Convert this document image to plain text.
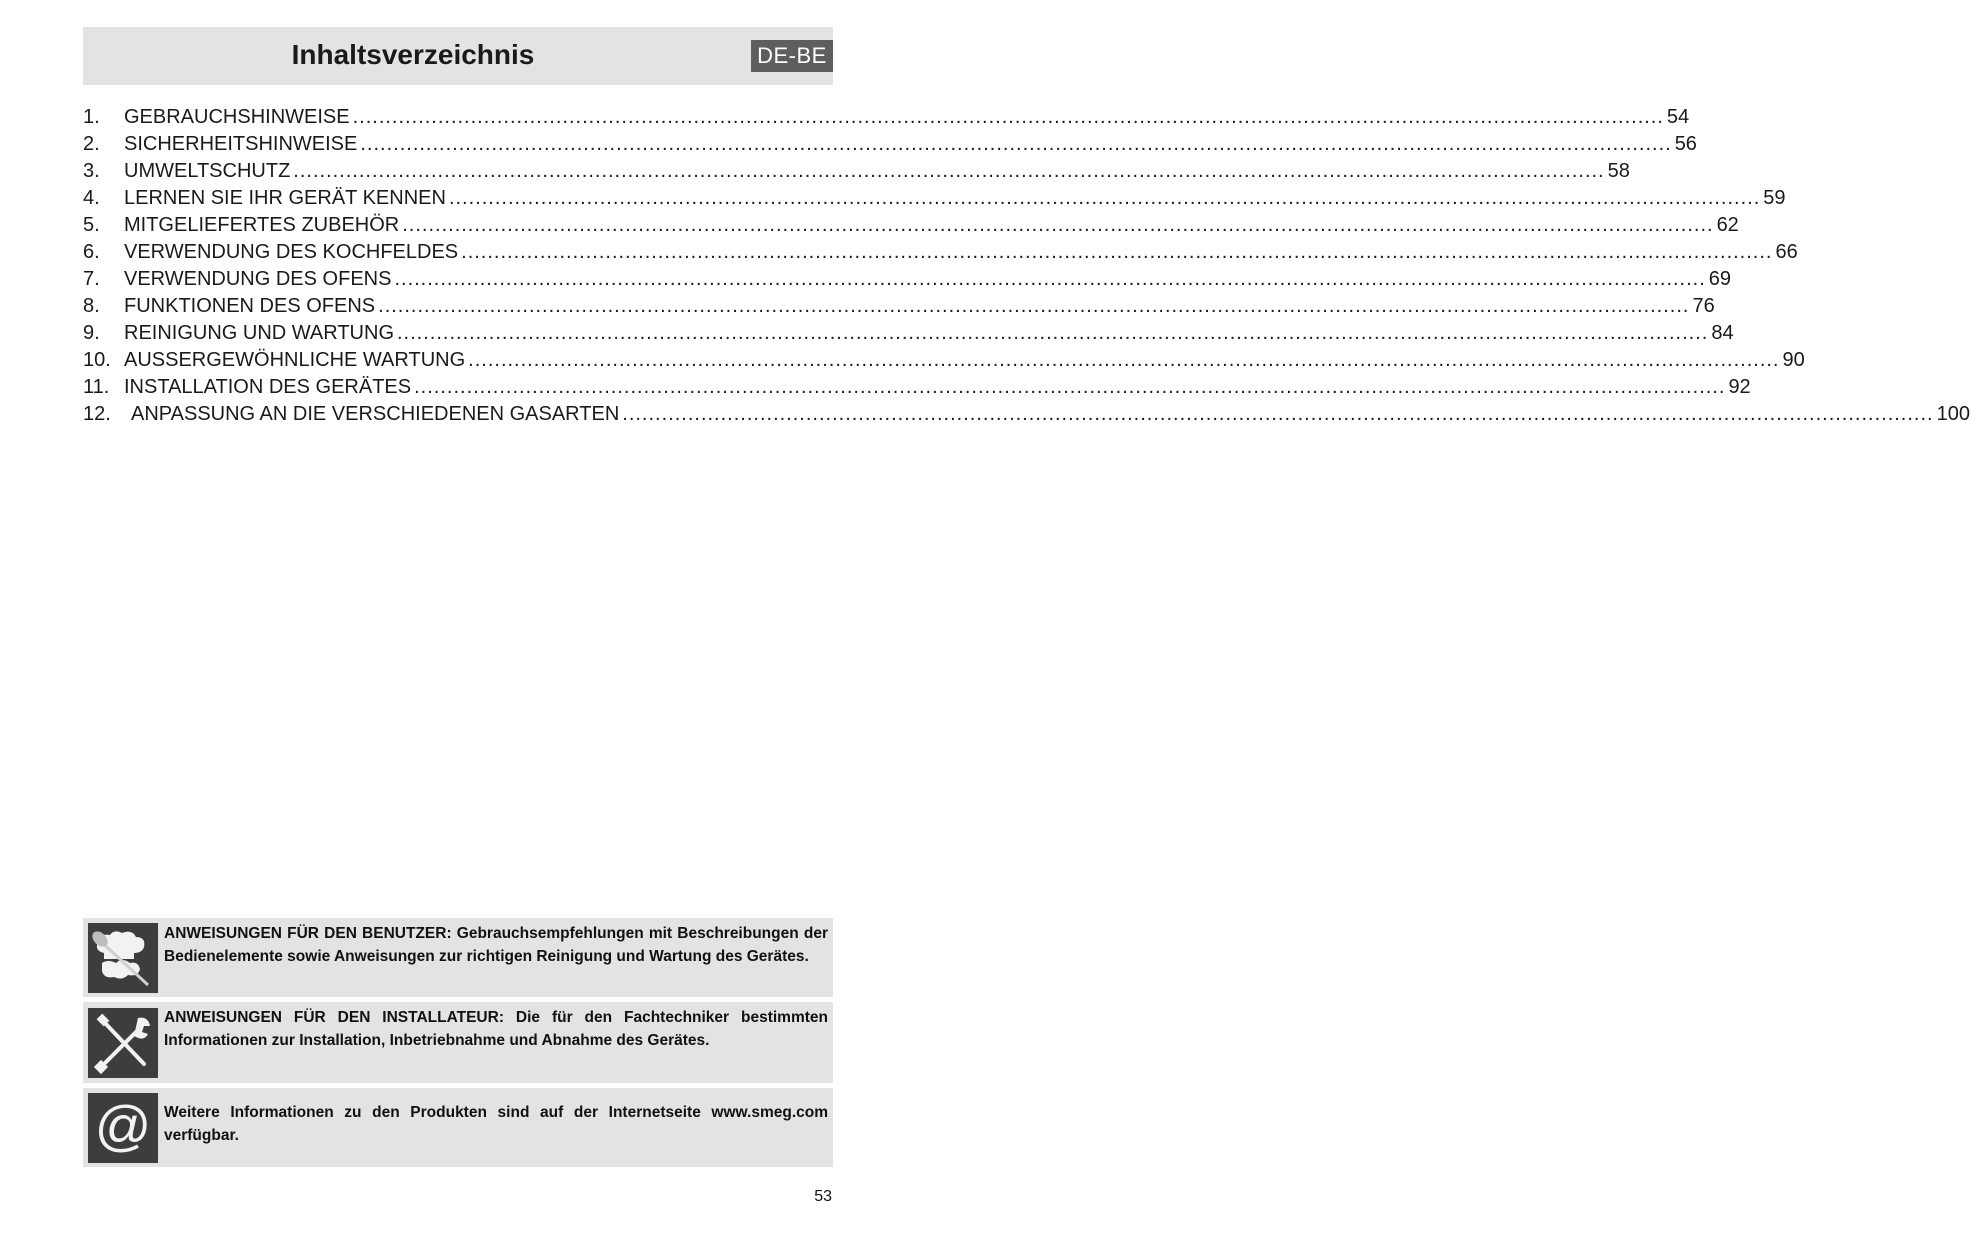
Inhaltsverzeichnis	DE-BE
1.	GEBRAUCHSHINWEISE ........................................................................................................................................................................................................ 54
2.	SICHERHEITSHINWEISE ........................................................................................................................................................................................................ 56
3.	UMWELTSCHUTZ ........................................................................................................................................................................................................ 58
4.	LERNEN SIE IHR GERÄT KENNEN ........................................................................................................................................................................................................ 59
5.	MITGELIEFERTES ZUBEHÖR ........................................................................................................................................................................................................ 62
6.	VERWENDUNG DES KOCHFELDES ........................................................................................................................................................................................................ 66
7.	VERWENDUNG DES OFENS ........................................................................................................................................................................................................ 69
8.	FUNKTIONEN DES OFENS ........................................................................................................................................................................................................ 76
9.	REINIGUNG UND WARTUNG ........................................................................................................................................................................................................ 84
10. AUSSERGEWÖHNLICHE WARTUNG ........................................................................................................................................................................................................ 90
11. INSTALLATION DES GERÄTES ........................................................................................................................................................................................................ 92
12.	ANPASSUNG AN DIE VERSCHIEDENEN GASARTEN ........................................................................................................................................................................................................ 100
ANWEISUNGEN FÜR DEN BENUTZER: Gebrauchsempfehlungen mit Beschreibungen der Bedienelemente sowie Anweisungen zur richtigen Reinigung und Wartung des Gerätes.
ANWEISUNGEN FÜR DEN INSTALLATEUR: Die für den Fachtechniker bestimmten Informationen zur Installation, Inbetriebnahme und Abnahme des Gerätes.
@ Weitere Informationen zu den Produkten sind auf der Internetseite www.smeg.com verfügbar.
53
